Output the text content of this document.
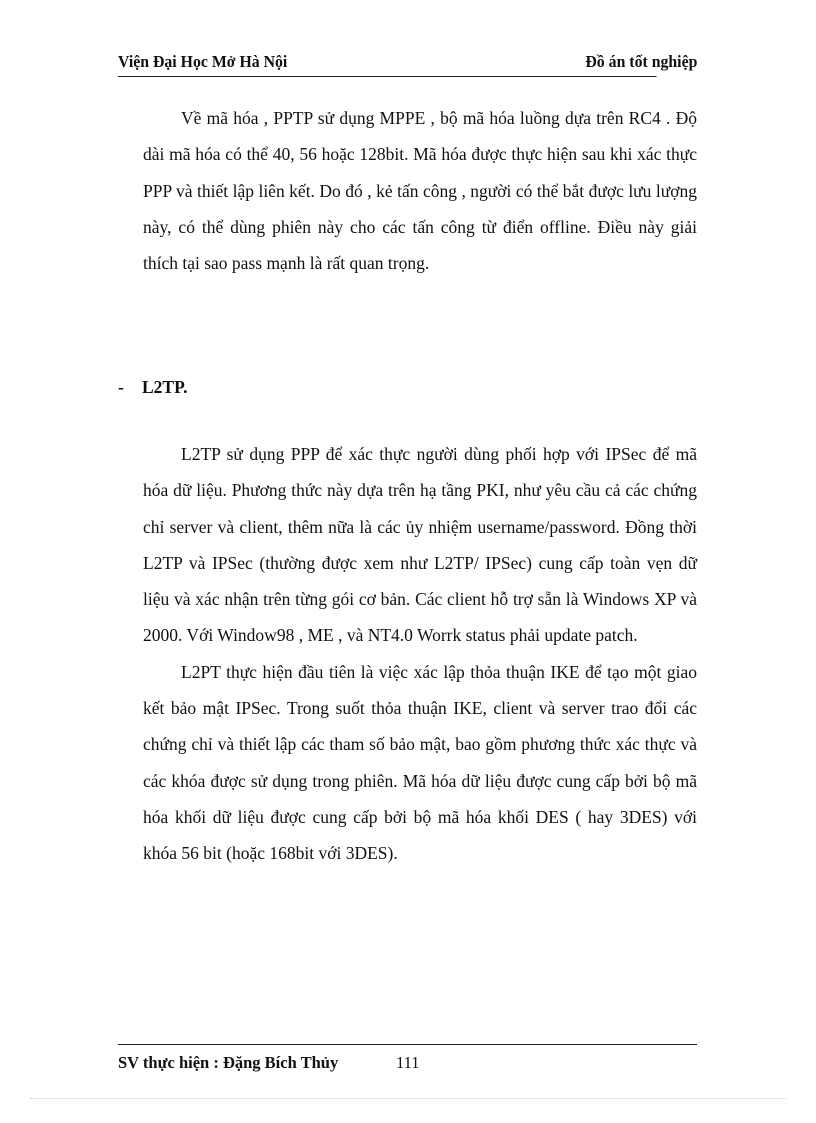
Viện Đại Học Mở Hà Nội	Đồ án tốt nghiệp

Về mã hóa , PPTP sử dụng MPPE , bộ mã hóa luồng dựa trên RC4 . Độ dài mã hóa có thể 40, 56 hoặc 128bit. Mã hóa được thực hiện sau khi xác thực PPP và thiết lập liên kết. Do đó , kẻ tấn công , người có thể bắt được lưu lượng này, có thể dùng phiên này cho các tấn công từ điển offline. Điều này giải thích tại sao pass mạnh là rất quan trọng.

- L2TP.

L2TP sử dụng PPP để xác thực người dùng phối hợp với IPSec để mã hóa dữ liệu. Phương thức này dựa trên hạ tầng PKI, như yêu cầu cả các chứng chỉ server và client, thêm nữa là các ủy nhiệm username/password. Đồng thời L2TP và IPSec (thường được xem như L2TP/ IPSec) cung cấp toàn vẹn dữ liệu và xác nhận trên từng gói cơ bản. Các client hỗ trợ sẵn là Windows XP và 2000. Với Window98 , ME , và NT4.0 Worrk status phải update patch.

L2PT thực hiện đầu tiên là việc xác lập thỏa thuận IKE để tạo một giao kết bảo mật IPSec. Trong suốt thỏa thuận IKE, client và server trao đổi các chứng chỉ và thiết lập các tham số bảo mật, bao gồm phương thức xác thực và các khóa được sử dụng trong phiên. Mã hóa dữ liệu được cung cấp bởi bộ mã hóa khối dữ liệu được cung cấp bởi bộ mã hóa khối DES ( hay 3DES) với khóa 56 bit (hoặc 168bit với 3DES).

SV thực hiện : Đặng Bích Thủy	111
